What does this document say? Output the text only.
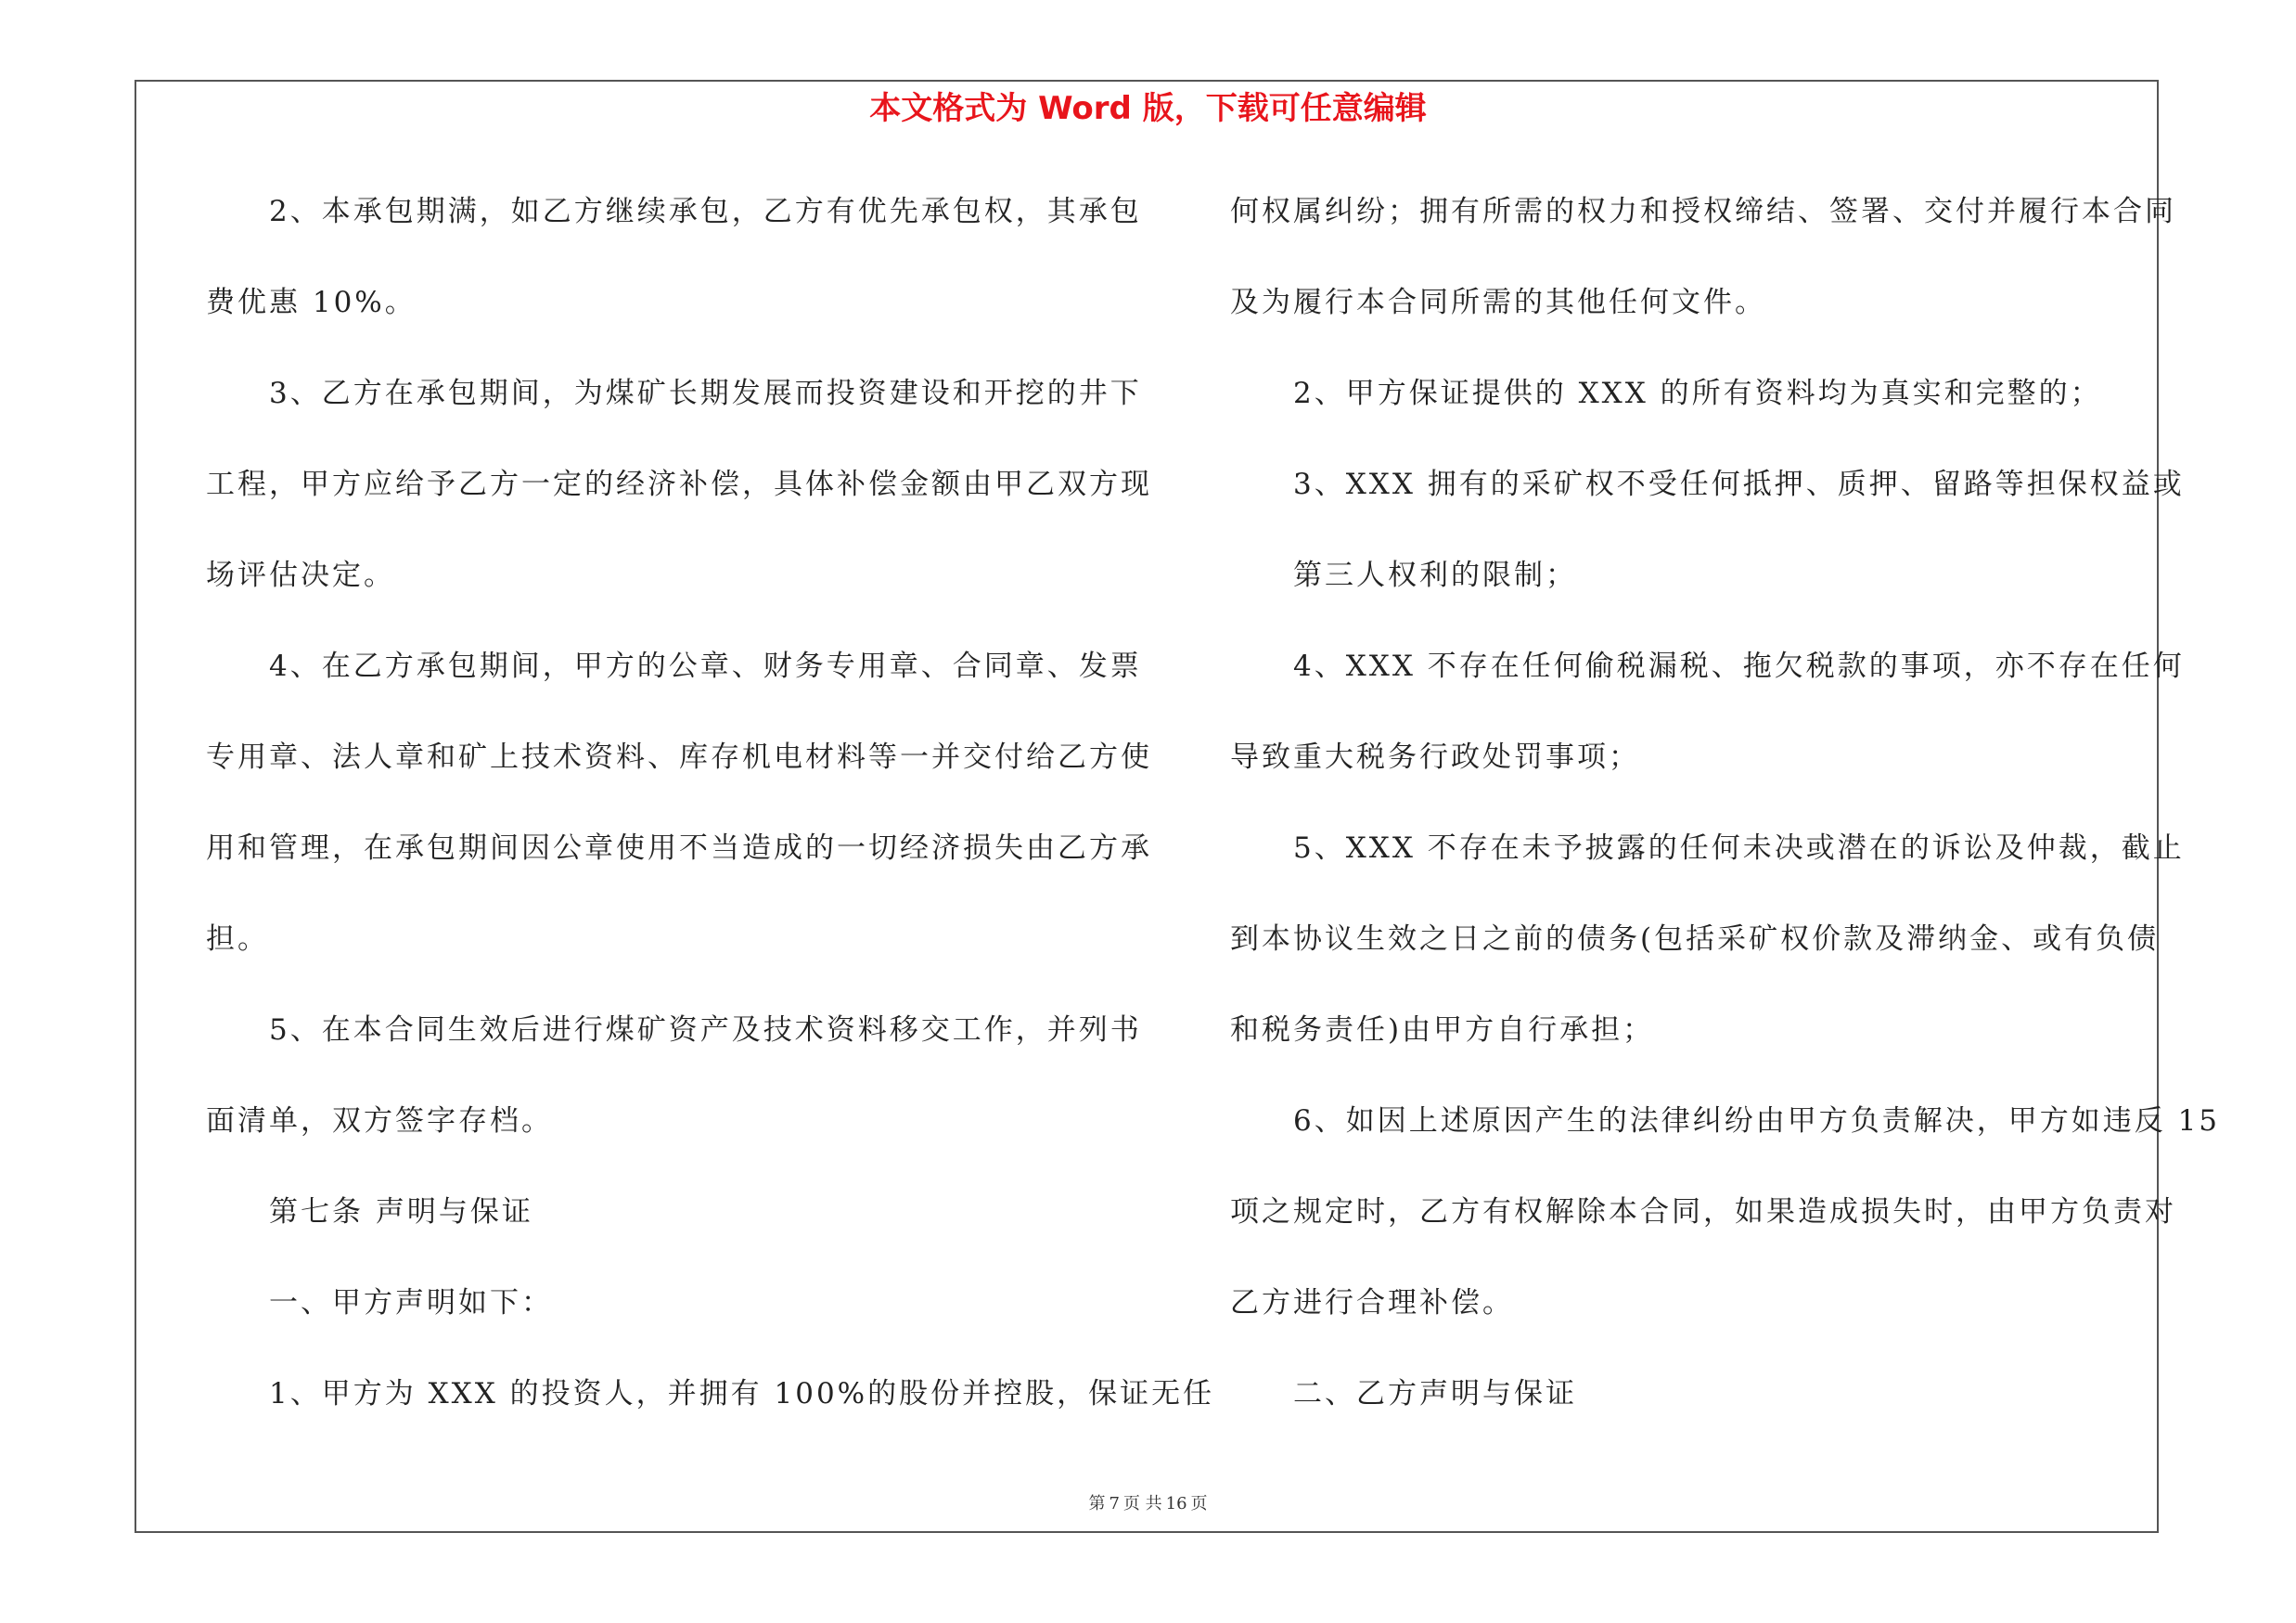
本文格式为 Word 版，下载可任意编辑
2、本承包期满，如乙方继续承包，乙方有优先承包权，其承包
费优惠 10%。
3、乙方在承包期间，为煤矿长期发展而投资建设和开挖的井下
工程，甲方应给予乙方一定的经济补偿，具体补偿金额由甲乙双方现
场评估决定。
4、在乙方承包期间，甲方的公章、财务专用章、合同章、发票
专用章、法人章和矿上技术资料、库存机电材料等一并交付给乙方使
用和管理，在承包期间因公章使用不当造成的一切经济损失由乙方承
担。
5、在本合同生效后进行煤矿资产及技术资料移交工作，并列书
面清单，双方签字存档。
第七条 声明与保证
一、甲方声明如下：
1、甲方为 XXX 的投资人，并拥有 100%的股份并控股，保证无任
何权属纠纷；拥有所需的权力和授权缔结、签署、交付并履行本合同
及为履行本合同所需的其他任何文件。
2、甲方保证提供的 XXX 的所有资料均为真实和完整的；
3、XXX 拥有的采矿权不受任何抵押、质押、留路等担保权益或
第三人权利的限制；
4、XXX 不存在任何偷税漏税、拖欠税款的事项，亦不存在任何
导致重大税务行政处罚事项；
5、XXX 不存在未予披露的任何未决或潜在的诉讼及仲裁，截止
到本协议生效之日之前的债务(包括采矿权价款及滞纳金、或有负债
和税务责任)由甲方自行承担；
6、如因上述原因产生的法律纠纷由甲方负责解决，甲方如违反 15
项之规定时，乙方有权解除本合同，如果造成损失时，由甲方负责对
乙方进行合理补偿。
二、乙方声明与保证
第 7 页 共 16 页
